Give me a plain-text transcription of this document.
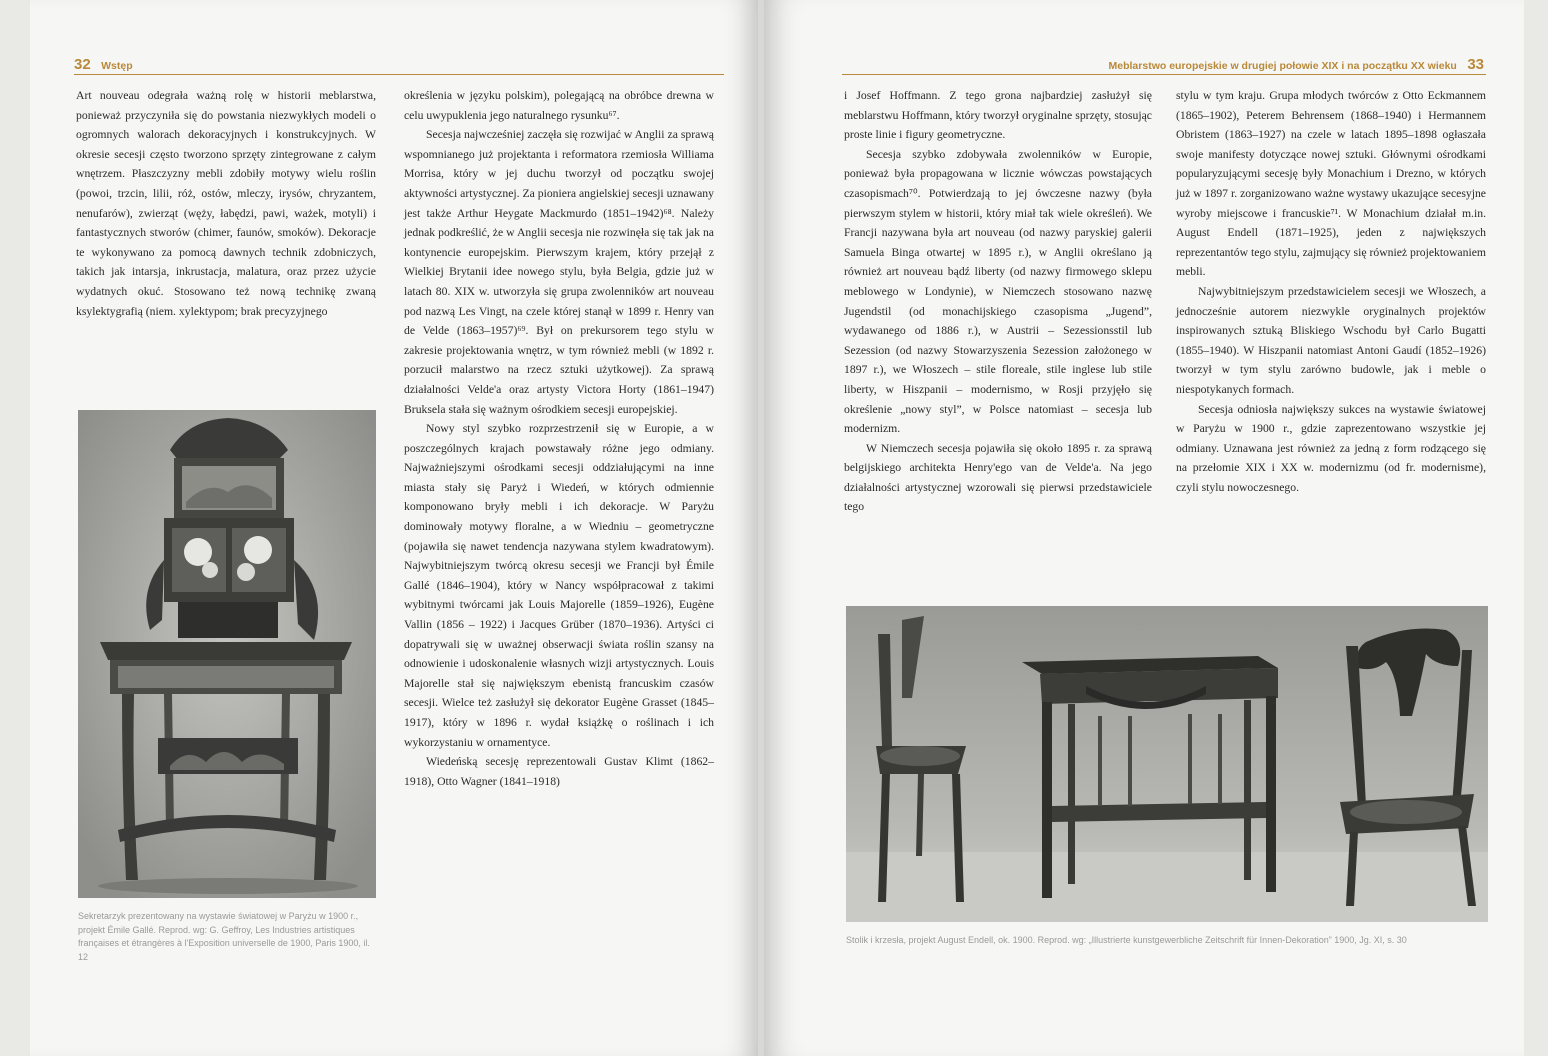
32 Wstęp

Art nouveau odegrała ważną rolę w historii meblarstwa, ponieważ przyczyniła się do powstania niezwykłych modeli o ogromnych walorach dekoracyjnych i konstrukcyjnych. W okresie secesji często tworzono sprzęty zintegrowane z całym wnętrzem. Płaszczyzny mebli zdobiły motywy wielu roślin (powoi, trzcin, lilii, róż, ostów, mleczy, irysów, chryzantem, nenufarów), zwierząt (węży, łabędzi, pawi, ważek, motyli) i fantastycznych stworów (chimer, faunów, smoków). Dekoracje te wykonywano za pomocą dawnych technik zdobniczych, takich jak intarsja, inkrustacja, malatura, oraz przez użycie wydatnych okuć. Stosowano też nową technikę zwaną ksylektygrafią (niem. xylektypom; brak precyzyjnego

Sekretarzyk prezentowany na wystawie światowej w Paryżu w 1900 r., projekt Émile Gallé. Reprod. wg: G. Geffroy, Les Industries artistiques françaises et étrangères à l'Exposition universelle de 1900, Paris 1900, il. 12

określenia w języku polskim), polegającą na obróbce drewna w celu uwypuklenia jego naturalnego rysunku⁶⁷.

Secesja najwcześniej zaczęła się rozwijać w Anglii za sprawą wspomnianego już projektanta i reformatora rzemiosła Williama Morrisa, który w jej duchu tworzył od początku swojej aktywności artystycznej. Za pioniera angielskiej secesji uznawany jest także Arthur Heygate Mackmurdo (1851–1942)⁶⁸. Należy jednak podkreślić, że w Anglii secesja nie rozwinęła się tak jak na kontynencie europejskim. Pierwszym krajem, który przejął z Wielkiej Brytanii idee nowego stylu, była Belgia, gdzie już w latach 80. XIX w. utworzyła się grupa zwolenników art nouveau pod nazwą Les Vingt, na czele której stanął w 1899 r. Henry van de Velde (1863–1957)⁶⁹. Był on prekursorem tego stylu w zakresie projektowania wnętrz, w tym również mebli (w 1892 r. porzucił malarstwo na rzecz sztuki użytkowej). Za sprawą działalności Velde'a oraz artysty Victora Horty (1861–1947) Bruksela stała się ważnym ośrodkiem secesji europejskiej.

Nowy styl szybko rozprzestrzenił się w Europie, a w poszczególnych krajach powstawały różne jego odmiany. Najważniejszymi ośrodkami secesji oddziałującymi na inne miasta stały się Paryż i Wiedeń, w których odmiennie komponowano bryły mebli i ich dekoracje. W Paryżu dominowały motywy floralne, a w Wiedniu – geometryczne (pojawiła się nawet tendencja nazywana stylem kwadratowym). Najwybitniejszym twórcą okresu secesji we Francji był Émile Gallé (1846–1904), który w Nancy współpracował z takimi wybitnymi twórcami jak Louis Majorelle (1859–1926), Eugène Vallin (1856 – 1922) i Jacques Grüber (1870–1936). Artyści ci dopatrywali się w uważnej obserwacji świata roślin szansy na odnowienie i udoskonalenie własnych wizji artystycznych. Louis Majorelle stał się największym ebenistą francuskim czasów secesji. Wielce też zasłużył się dekorator Eugène Grasset (1845–1917), który w 1896 r. wydał książkę o roślinach i ich wykorzystaniu w ornamentyce.

Wiedeńską secesję reprezentowali Gustav Klimt (1862–1918), Otto Wagner (1841–1918)

Meblarstwo europejskie w drugiej połowie XIX i na początku XX wieku 33

i Josef Hoffmann. Z tego grona najbardziej zasłużył się meblarstwu Hoffmann, który tworzył oryginalne sprzęty, stosując proste linie i figury geometryczne.

Secesja szybko zdobywała zwolenników w Europie, ponieważ była propagowana w licznie wówczas powstających czasopismach⁷⁰. Potwierdzają to jej ówczesne nazwy (była pierwszym stylem w historii, który miał tak wiele określeń). We Francji nazywana była art nouveau (od nazwy paryskiej galerii Samuela Binga otwartej w 1895 r.), w Anglii określano ją również art nouveau bądź liberty (od nazwy firmowego sklepu meblowego w Londynie), w Niemczech stosowano nazwę Jugendstil (od monachijskiego czasopisma „Jugend”, wydawanego od 1886 r.), w Austrii – Sezessionsstil lub Sezession (od nazwy Stowarzyszenia Sezession założonego w 1897 r.), we Włoszech – stile floreale, stile inglese lub stile liberty, w Hiszpanii – modernismo, w Rosji przyjęło się określenie „nowy styl”, w Polsce natomiast – secesja lub modernizm.

W Niemczech secesja pojawiła się około 1895 r. za sprawą belgijskiego architekta Henry'ego van de Velde'a. Na jego działalności artystycznej wzorowali się pierwsi przedstawiciele tego

stylu w tym kraju. Grupa młodych twórców z Otto Eckmannem (1865–1902), Peterem Behrensem (1868–1940) i Hermannem Obristem (1863–1927) na czele w latach 1895–1898 ogłaszała swoje manifesty dotyczące nowej sztuki. Głównymi ośrodkami popularyzującymi secesję były Monachium i Drezno, w których już w 1897 r. zorganizowano ważne wystawy ukazujące secesyjne wyroby miejscowe i francuskie⁷¹. W Monachium działał m.in. August Endell (1871–1925), jeden z największych reprezentantów tego stylu, zajmujący się również projektowaniem mebli.

Najwybitniejszym przedstawicielem secesji we Włoszech, a jednocześnie autorem niezwykle oryginalnych projektów inspirowanych sztuką Bliskiego Wschodu był Carlo Bugatti (1855–1940). W Hiszpanii natomiast Antoni Gaudí (1852–1926) tworzył w tym stylu zarówno budowle, jak i meble o niespotykanych formach.

Secesja odniosła największy sukces na wystawie światowej w Paryżu w 1900 r., gdzie zaprezentowano wszystkie jej odmiany. Uznawana jest również za jedną z form rodzącego się na przełomie XIX i XX w. modernizmu (od fr. modernisme), czyli stylu nowoczesnego.

Stolik i krzesła, projekt August Endell, ok. 1900. Reprod. wg: „Illustrierte kunstgewerbliche Zeitschrift für Innen-Dekoration” 1900, Jg. XI, s. 30
